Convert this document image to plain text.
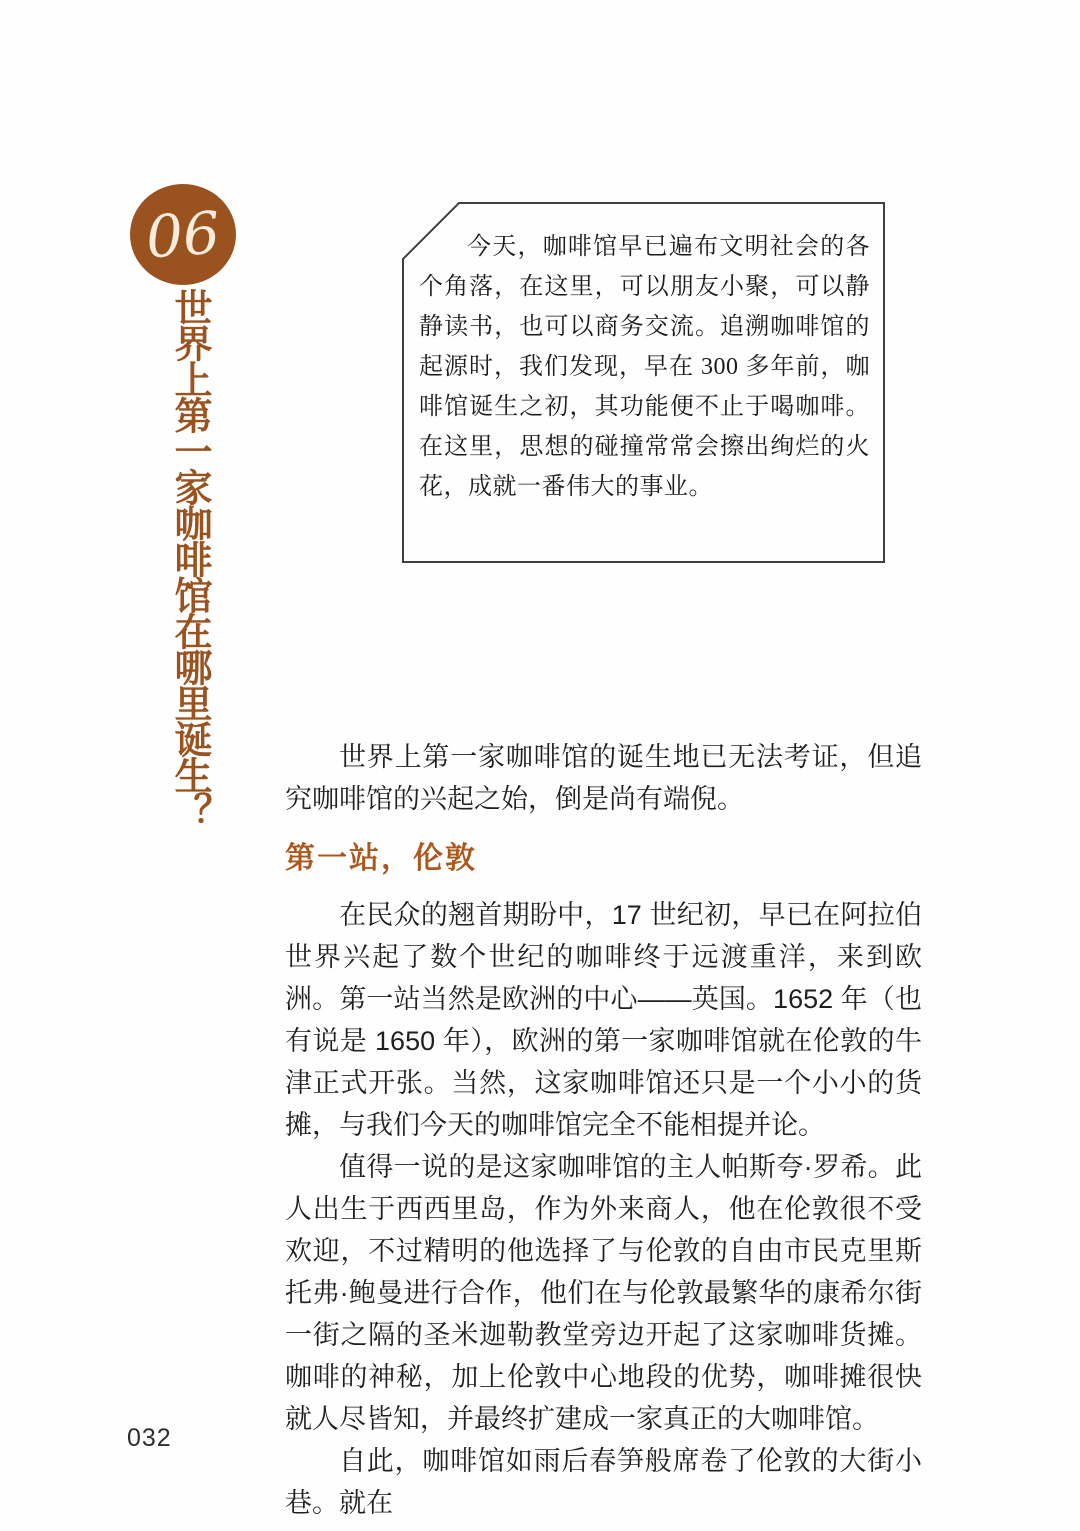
06
世界上第一家咖啡馆在哪里诞生？

今天，咖啡馆早已遍布文明社会的各个角落，在这里，可以朋友小聚，可以静静读书，也可以商务交流。追溯咖啡馆的起源时，我们发现，早在 300 多年前，咖啡馆诞生之初，其功能便不止于喝咖啡。在这里，思想的碰撞常常会擦出绚烂的火花，成就一番伟大的事业。

世界上第一家咖啡馆的诞生地已无法考证，但追究咖啡馆的兴起之始，倒是尚有端倪。

第一站，伦敦

在民众的翘首期盼中，17 世纪初，早已在阿拉伯世界兴起了数个世纪的咖啡终于远渡重洋，来到欧洲。第一站当然是欧洲的中心——英国。1652 年（也有说是 1650 年），欧洲的第一家咖啡馆就在伦敦的牛津正式开张。当然，这家咖啡馆还只是一个小小的货摊，与我们今天的咖啡馆完全不能相提并论。

值得一说的是这家咖啡馆的主人帕斯夸·罗希。此人出生于西西里岛，作为外来商人，他在伦敦很不受欢迎，不过精明的他选择了与伦敦的自由市民克里斯托弗·鲍曼进行合作，他们在与伦敦最繁华的康希尔街一街之隔的圣米迦勒教堂旁边开起了这家咖啡货摊。咖啡的神秘，加上伦敦中心地段的优势，咖啡摊很快就人尽皆知，并最终扩建成一家真正的大咖啡馆。

自此，咖啡馆如雨后春笋般席卷了伦敦的大街小巷。就在

032
